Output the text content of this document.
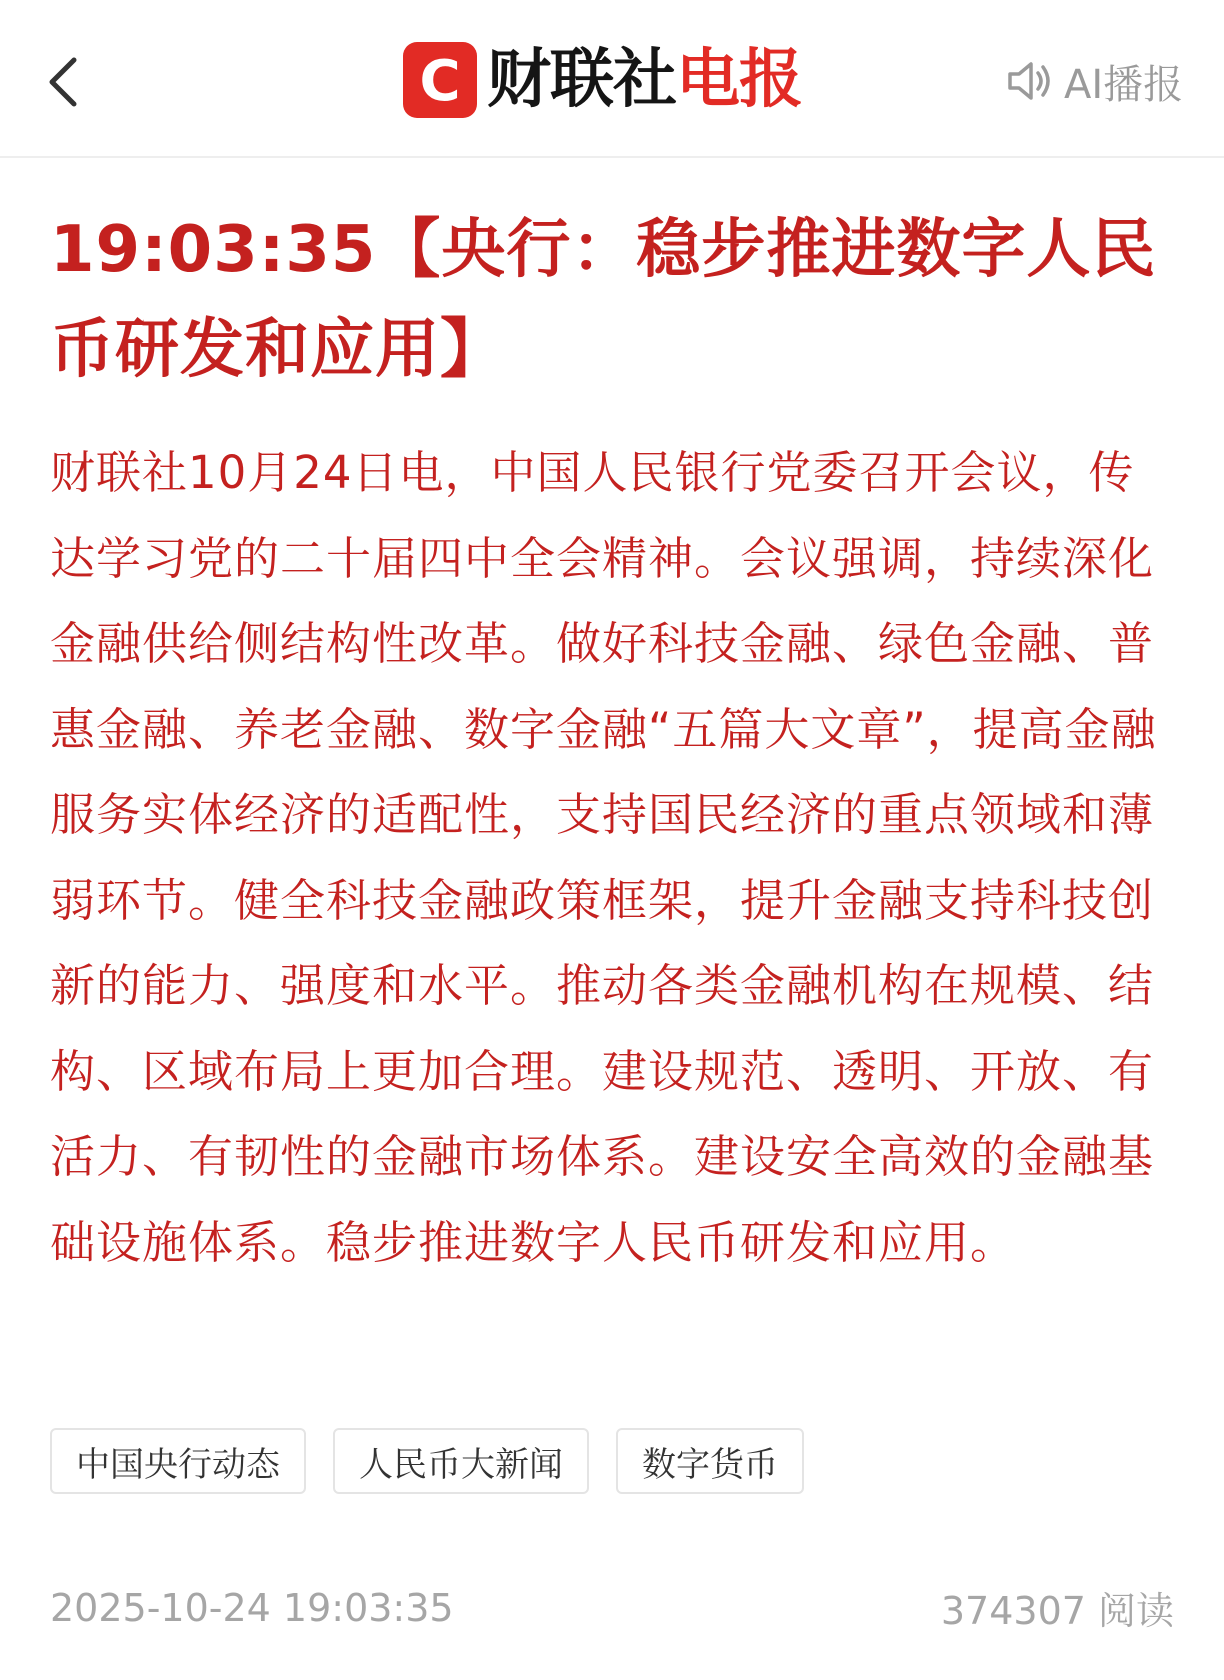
C 财联社电报	AI播报
19:03:35【央行：稳步推进数字人民币研发和应用】

财联社10月24日电，中国人民银行党委召开会议，传达学习党的二十届四中全会精神。会议强调，持续深化金融供给侧结构性改革。做好科技金融、绿色金融、普惠金融、养老金融、数字金融“五篇大文章”，提高金融服务实体经济的适配性，支持国民经济的重点领域和薄弱环节。健全科技金融政策框架，提升金融支持科技创新的能力、强度和水平。推动各类金融机构在规模、结构、区域布局上更加合理。建设规范、透明、开放、有活力、有韧性的金融市场体系。建设安全高效的金融基础设施体系。稳步推进数字人民币研发和应用。

中国央行动态	人民币大新闻	数字货币
2025-10-24 19:03:35	374307 阅读
